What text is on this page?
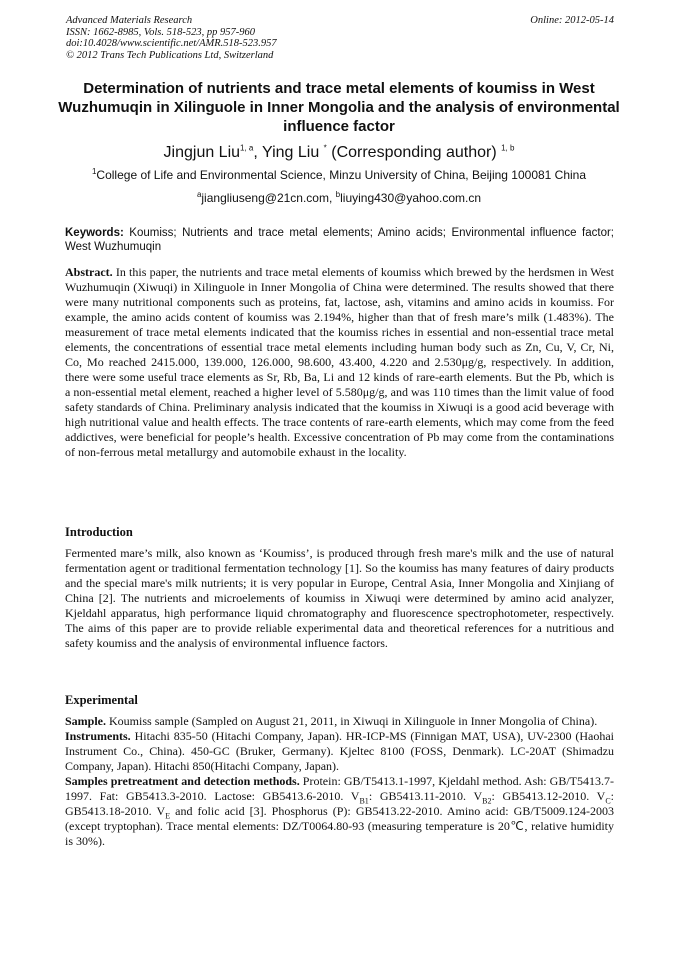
Advanced Materials Research
ISSN: 1662-8985, Vols. 518-523, pp 957-960
doi:10.4028/www.scientific.net/AMR.518-523.957
© 2012 Trans Tech Publications Ltd, Switzerland
Online: 2012-05-14
Determination of nutrients and trace metal elements of koumiss in West Wuzhumuqin in Xilinguole in Inner Mongolia and the analysis of environmental influence factor
Jingjun Liu$^{1, a}$, Ying Liu * (Corresponding author) $^{1, b}$
$^1$College of Life and Environmental Science, Minzu University of China, Beijing 100081 China
$^a$jiangliuseng@21cn.com, $^b$liuying430@yahoo.com.cn
Keywords: Koumiss; Nutrients and trace metal elements; Amino acids; Environmental influence factor; West Wuzhumuqin
Abstract. In this paper, the nutrients and trace metal elements of koumiss which brewed by the herdsmen in West Wuzhumuqin (Xiwuqi) in Xilinguole in Inner Mongolia of China were determined. The results showed that there were many nutritional components such as proteins, fat, lactose, ash, vitamins and amino acids in koumiss. For example, the amino acids content of koumiss was 2.194%, higher than that of fresh mare’s milk (1.483%). The measurement of trace metal elements indicated that the koumiss riches in essential and non-essential trace metal elements, the concentrations of essential trace metal elements including human body such as Zn, Cu, V, Cr, Ni, Co, Mo reached 2415.000, 139.000, 126.000, 98.600, 43.400, 4.220 and 2.530μg/g, respectively. In addition, there were some useful trace elements as Sr, Rb, Ba, Li and 12 kinds of rare-earth elements. But the Pb, which is a non-essential metal element, reached a higher level of 5.580μg/g, and was 110 times than the limit value of food safety standards of China. Preliminary analysis indicated that the koumiss in Xiwuqi is a good acid beverage with high nutritional value and health effects. The trace contents of rare-earth elements, which may come from the feed addictives, were beneficial for people’s health. Excessive concentration of Pb may come from the contaminations of non-ferrous metal metallurgy and automobile exhaust in the locality.
Introduction
Fermented mare’s milk, also known as ‘Koumiss’, is produced through fresh mare's milk and the use of natural fermentation agent or traditional fermentation technology [1]. So the koumiss has many features of dairy products and the special mare's milk nutrients; it is very popular in Europe, Central Asia, Inner Mongolia and Xinjiang of China [2]. The nutrients and microelements of koumiss in Xiwuqi were determined by amino acid analyzer, Kjeldahl apparatus, high performance liquid chromatography and fluorescence spectrophotometer, respectively. The aims of this paper are to provide reliable experimental data and theoretical references for a nutritious and safety koumiss and the analysis of environmental influence factors.
Experimental

Sample. Koumiss sample (Sampled on August 21, 2011, in Xiwuqi in Xilinguole in Inner Mongolia of China).

Instruments. Hitachi 835-50 (Hitachi Company, Japan). HR-ICP-MS (Finnigan MAT, USA), UV-2300 (Haohai Instrument Co., China). 450-GC (Bruker, Germany). Kjeltec 8100 (FOSS, Denmark). LC-20AT (Shimadzu Company, Japan). Hitachi 850(Hitachi Company, Japan).

Samples pretreatment and detection methods. Protein: GB/T5413.1-1997, Kjeldahl method. Ash: GB/T5413.7-1997. Fat: GB5413.3-2010. Lactose: GB5413.6-2010. $V_{B1}$: GB5413.11-2010. $V_{B2}$: GB5413.12-2010. $V_C$: GB5413.18-2010. $V_E$ and folic acid [3]. Phosphorus (P): GB5413.22-2010. Amino acid: GB/T5009.124-2003 (except tryptophan). Trace mental elements: DZ/T0064.80-93 (measuring temperature is 20℃, relative humidity is 30%).
